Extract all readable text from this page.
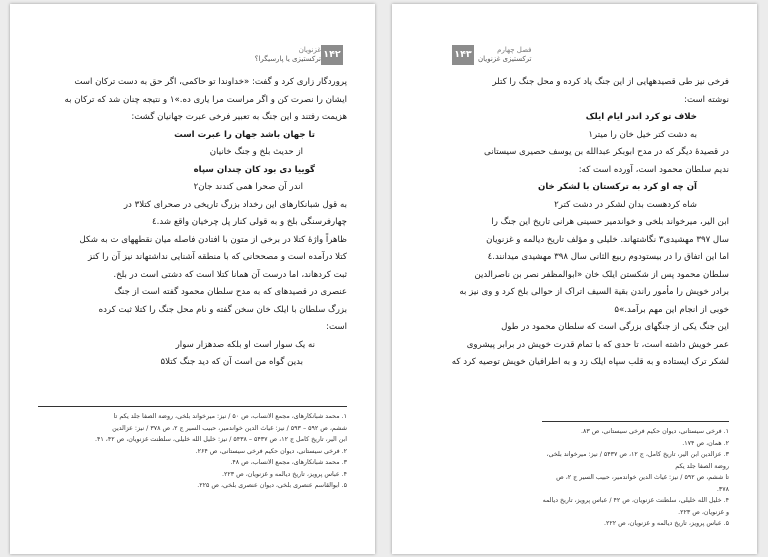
غزنویان
ترکستیزی یا پارسیگرا؟ ۱۴۲

پروردگار زاری کرد و گفت: «خداوندا تو حاکمی، اگر حق به دست ترکان است

ایشان را نصرت کن و اگر مراست مرا یاری ده.»١ و نتیجه چنان شد که ترکان به

هزیمت رفتند و این جنگ به تعبیر فرخی عبرت جهانیان گشت:

تا جهان باشد جهان را عبرت است

از حدیث بلخ و جنگ خانیان

گوییا دی بود کان چندان سپاه

اندر آن صحرا همی کندند جان٢

به قول شبانکارهای این رخداد بزرگ تاریخی در صحرای کتلا٣ در

چهارفرسنگی بلخ و به قولی کنار پل چرخیان واقع شد.٤

ظاهراً واژۀ کتلا در برخی از متون با افتادن فاصله میان نقطههای ت به شکل

کتلا درآمده است و مصححانی که با منطقه آشنایی نداشتهاند نیز آن را کنز

ثبت کردهاند، اما درست آن همانا کتلا است که دشتی است در بلخ.

عنصری در قصیدهای که به مدح سلطان محمود گفته است از جنگ

بزرگ سلطان با ایلک خان سخن گفته و نام محل جنگ را کتلا ثبت کرده

است:

نه یک سوار است او بلکه صدهزار سوار

بدین گواه من است آن که دید جنگ کتلا۵

١. محمد شبانکارهای، مجمع الانساب، ص ۵٠ / نیز: میرخواند بلخی، روضة الصفا جلد یکم تا

ششم، ص ۵٩٢ – ۵٩٣ / نیز: غیاث الدین خواندمیر، حبیب السیر ج ٢، ص ٣٧٨ / نیز: عزالدین

ابن الیر، تاریخ کامل ج ١٢، ص ۵۴٣٧ – ۵۴٣٨ / نیز: خلیل الله خلیلی، سلطنت غزنویان، ص ۴٢، ۴١.

٢. فرخی سیستانی، دیوان حکیم فرخی سیستانی، ص ٢۶۴.

٣. محمد شبانکارهای، مجمع الانساب، ص ۴٨.

۴. عباس پرویز، تاریخ دیالمه و غزنویان، ص ٢٢٣.

۵. ابوالقاسم عنصری بلخی، دیوان عنصری بلخی، ص ٢٢۵.

۱۴۳	فصل چهارم
ترکستیزی غزنویان

فرخی نیز طی قصیدههایی از این جنگ یاد کرده و محل جنگ را کتلر

نوشته است:

خلاف تو کرد اندر ایام ایلک

به دشت کتر خیل خان را میتر١

در قصیدۀ دیگر که در مدح ابوبکر عبدالله بن یوسف حصیری سیستانی

ندیم سلطان محمود است، آورده است که:

آن چه او کرد به ترکستان با لشکر خان

شاه کردهست بدان لشکر در دشت کتر٢

ابن الیر، میرخواند بلخی و خواندمیر حسینی هرانی تاریخ این جنگ را

سال ٣٩٧ مهشیدی٣ نگاشتهاند. خلیلی و مؤلف تاریخ دیالمه و غزنویان

اما این اتفاق را در بیستودوم ربیع الثانی سال ٣٩٨ مهشیدی میدانند.٤

سلطان محمود پس از شکستن ایلک خان «ابوالمظفر نصر بن ناصرالدین

برادر خویش را مأمور راندن بقیة السیف اتراک از حوالی بلخ کرد و وی نیز به

خوبی از انجام این مهم برآمد.»۵

این جنگ یکی از جنگهای بزرگی است که سلطان محمود در طول

عمر خویش داشته است، تا حدی که با تمام قدرت خویش در برابر پیشروی

لشکر ترک ایستاده و به قلب سپاه ایلک زد و به اطرافیان خویش توصیه کرد که

١. فرخی سیستانی، دیوان حکیم فرخی سیستانی، ص ٨٣.

٢. همان، ص ١٧۴.

٣. عزالدین ابن الیر، تاریخ کامل، ج ١٢، ص ۵۴٣٧ / نیز: میرخواند بلخی، روضة الصفا جلد یکم

تا ششم، ص ۵٩٢ / نیز: غیاث الدین خواندمیر، حبیب السیر ج ٢، ص ٣٧٨.

۴. خلیل الله خلیلی، سلطنت غزنویان، ص ۴٢ / عباس پرویز، تاریخ دیالمه و غزنویان، ص ٢٢٣.

۵. عباس پرویز، تاریخ دیالمه و غزنویان، ص ٢٢٢.
